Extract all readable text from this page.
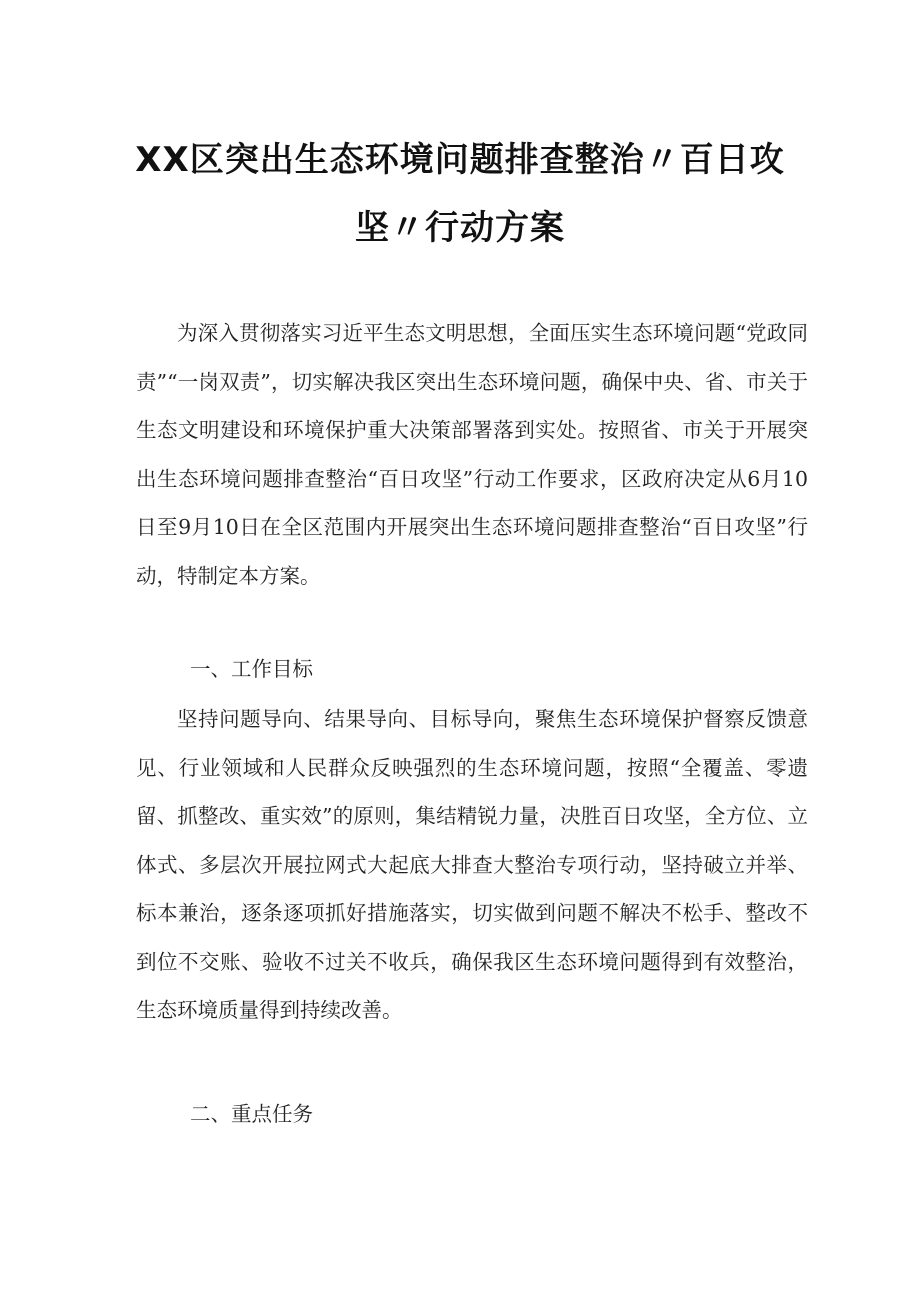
XX区突出生态环境问题排查整治〃百日攻
坚〃行动方案

为深入贯彻落实习近平生态文明思想，全面压实生态环境问题“党政同责”“一岗双责”，切实解决我区突出生态环境问题，确保中央、省、市关于生态文明建设和环境保护重大决策部署落到实处。按照省、市关于开展突出生态环境问题排查整治“百日攻坚”行动工作要求，区政府决定从6月10日至9月10日在全区范围内开展突出生态环境问题排查整治“百日攻坚”行动，特制定本方案。

一、工作目标

坚持问题导向、结果导向、目标导向，聚焦生态环境保护督察反馈意见、行业领域和人民群众反映强烈的生态环境问题，按照“全覆盖、零遗留、抓整改、重实效”的原则，集结精锐力量，决胜百日攻坚，全方位、立体式、多层次开展拉网式大起底大排查大整治专项行动，坚持破立并举、标本兼治，逐条逐项抓好措施落实，切实做到问题不解决不松手、整改不到位不交账、验收不过关不收兵，确保我区生态环境问题得到有效整治，生态环境质量得到持续改善。

二、重点任务
